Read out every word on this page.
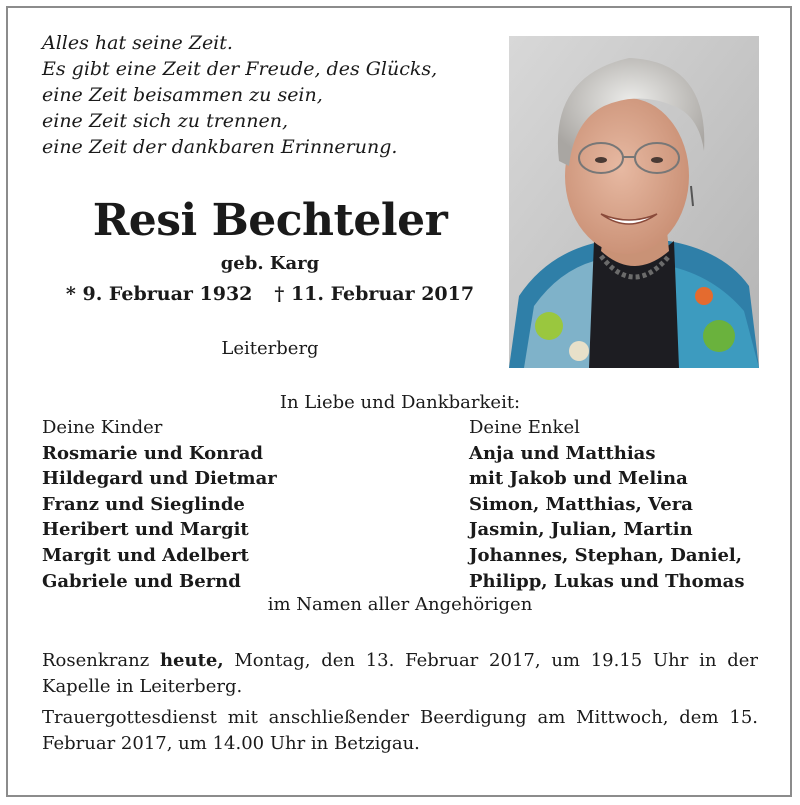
Alles hat seine Zeit.
Es gibt eine Zeit der Freude, des Glücks,
eine Zeit beisammen zu sein,
eine Zeit sich zu trennen,
eine Zeit der dankbaren Erinnerung.
Resi Bechteler
geb. Karg
* 9. Februar 1932 † 11. Februar 2017
Leiterberg
In Liebe und Dankbarkeit:
Deine Kinder
Rosmarie und Konrad
Hildegard und Dietmar
Franz und Sieglinde
Heribert und Margit
Margit und Adelbert
Gabriele und Bernd
Deine Enkel
Anja und Matthias
mit Jakob und Melina
Simon, Matthias, Vera
Jasmin, Julian, Martin
Johannes, Stephan, Daniel,
Philipp, Lukas und Thomas
im Namen aller Angehörigen
Rosenkranz heute, Montag, den 13. Februar 2017, um 19.15 Uhr in der Kapelle in Leiterberg.
Trauergottesdienst mit anschließender Beerdigung am Mittwoch, dem 15. Februar 2017, um 14.00 Uhr in Betzigau.
